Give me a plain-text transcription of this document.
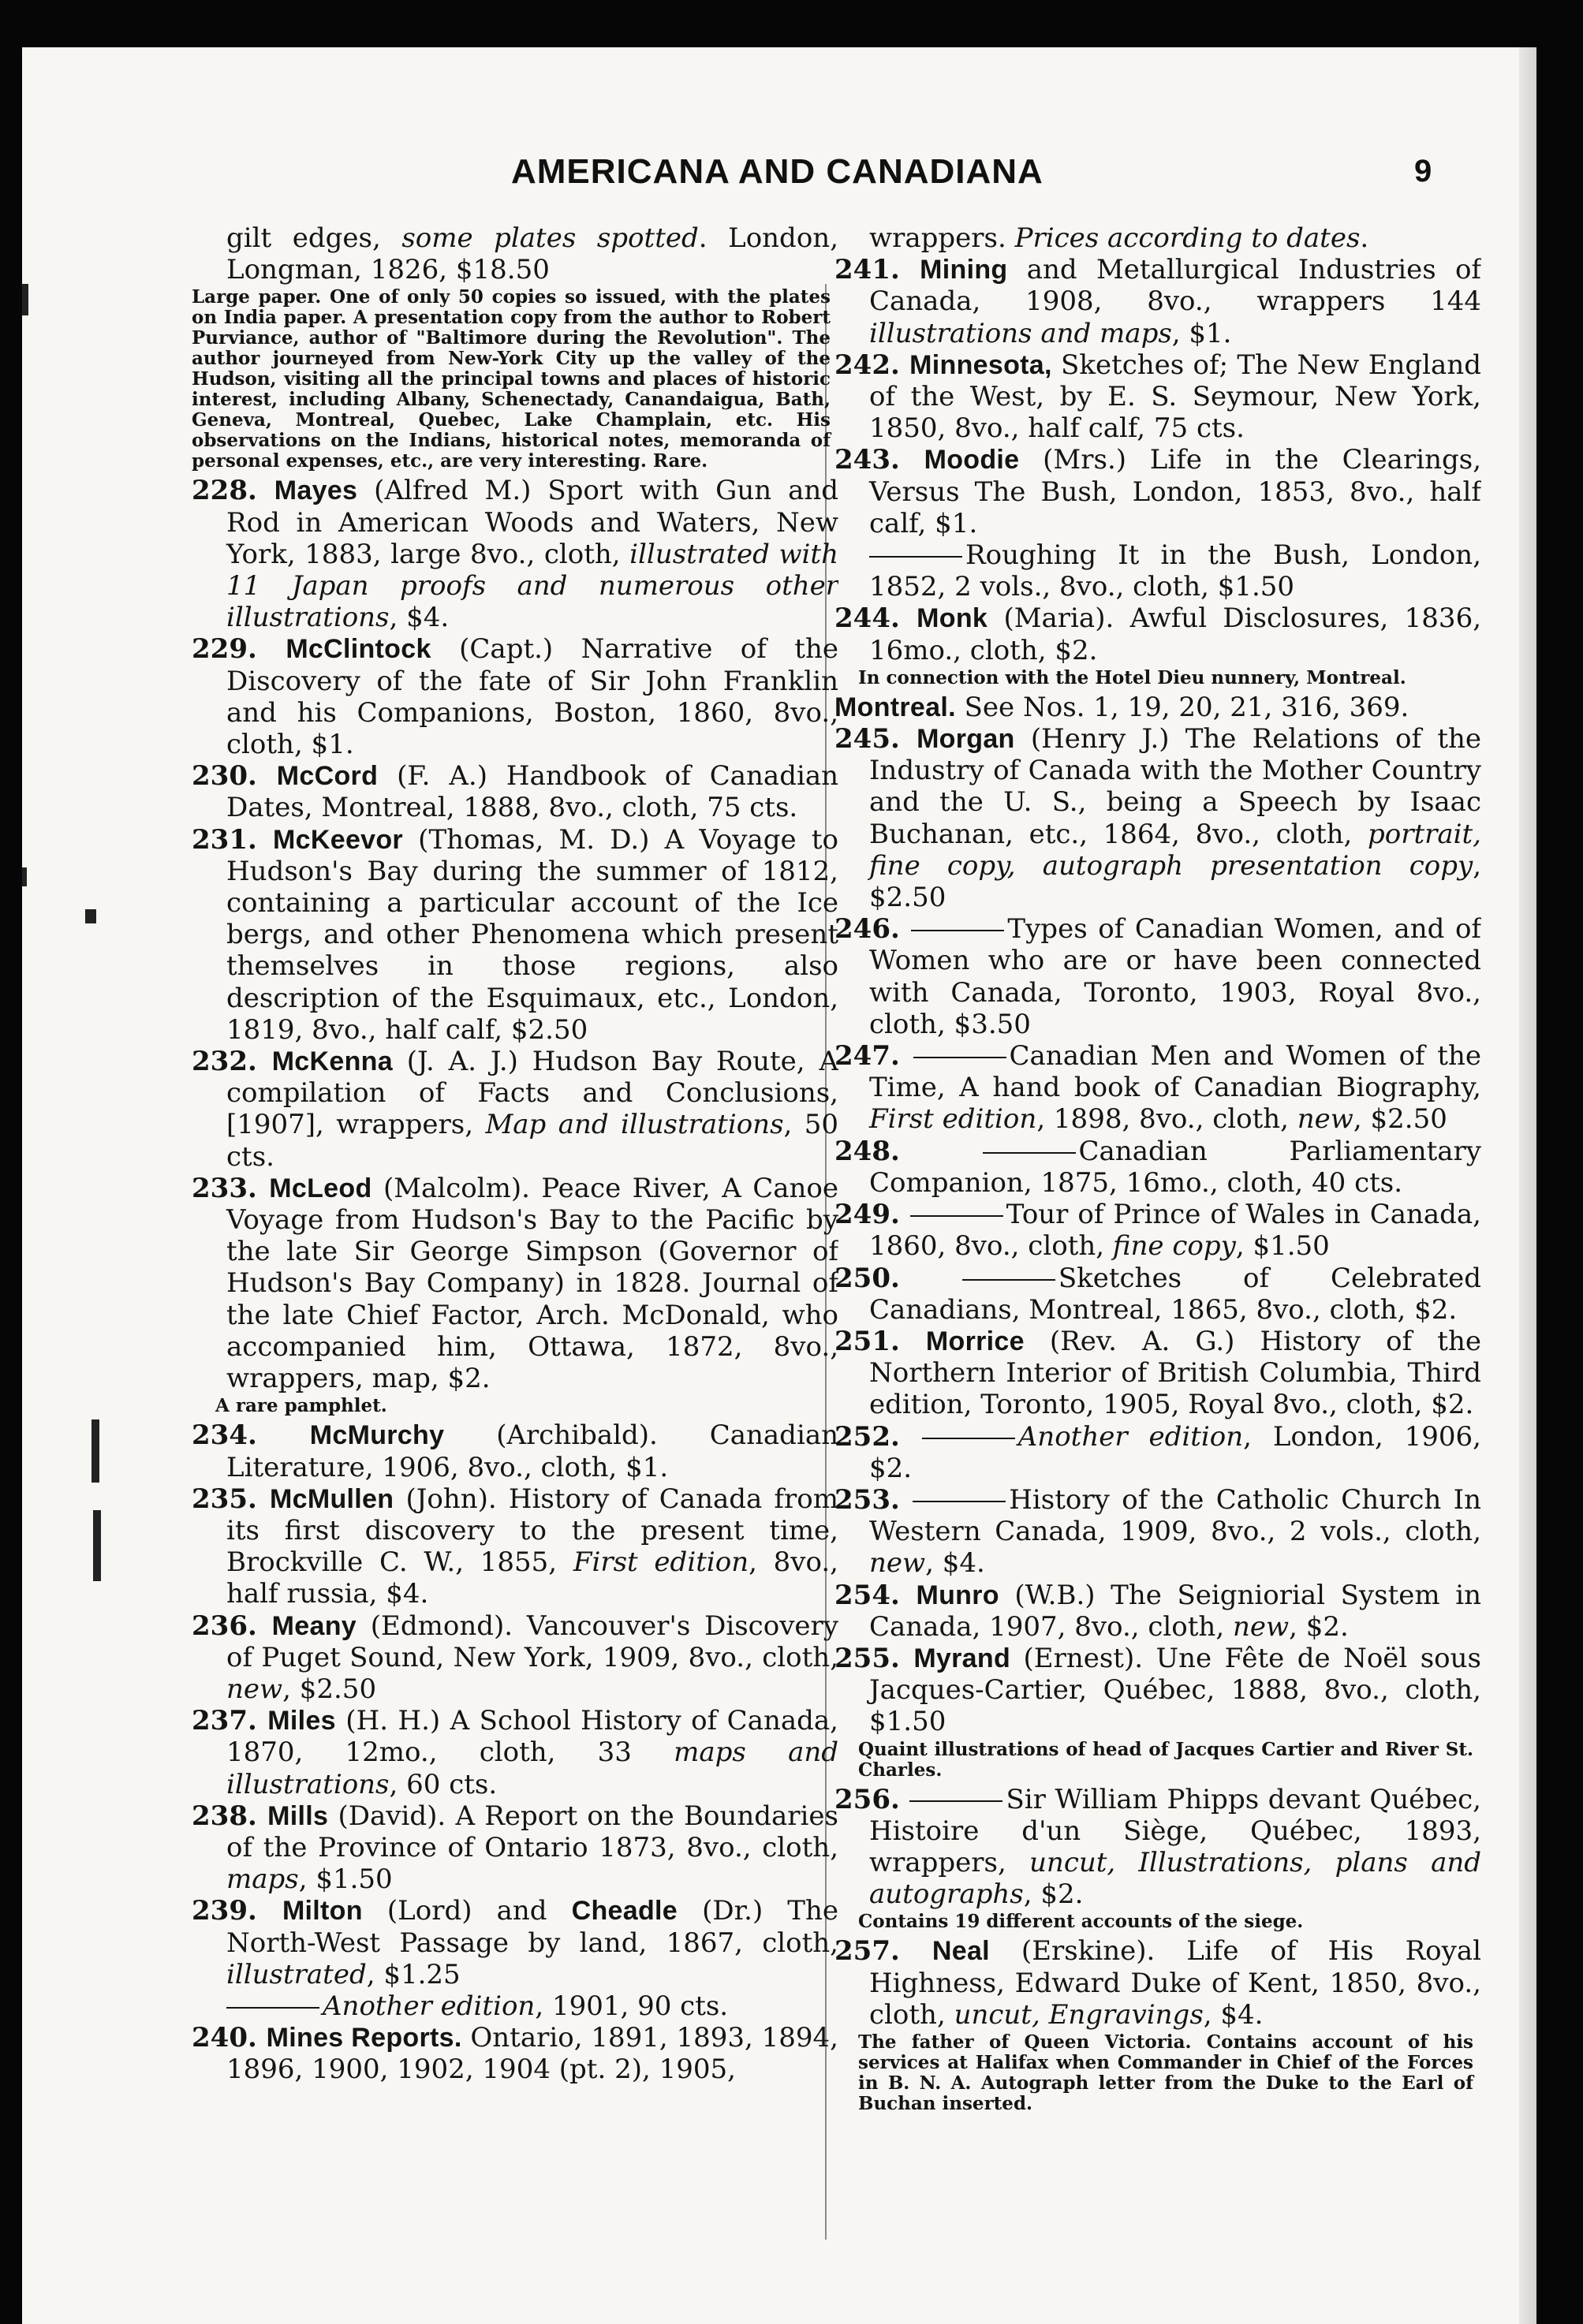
AMERICANA AND CANADIANA	9
gilt edges, some plates spotted. London, Longman, 1826, $18.50
Large paper. One of only 50 copies so issued, with the plates on India paper. A presentation copy from the author to Robert Purviance, author of "Baltimore during the Revolution". The author journeyed from New-York City up the valley of the Hudson, visiting all the principal towns and places of historic interest, including Albany, Schenectady, Canandaigua, Bath, Geneva, Montreal, Quebec, Lake Champlain, etc. His observations on the Indians, historical notes, memoranda of personal expenses, etc., are very interesting. Rare.
228. Mayes (Alfred M.) Sport with Gun and Rod in American Woods and Waters, New York, 1883, large 8vo., cloth, illustrated with 11 Japan proofs and numerous other illustrations, $4.
229. McClintock (Capt.) Narrative of the Discovery of the fate of Sir John Franklin and his Companions, Boston, 1860, 8vo., cloth, $1.
230. McCord (F. A.) Handbook of Canadian Dates, Montreal, 1888, 8vo., cloth, 75 cts.
231. McKeevor (Thomas, M. D.) A Voyage to Hudson's Bay during the summer of 1812, containing a particular account of the Ice bergs, and other Phenomena which present themselves in those regions, also description of the Esquimaux, etc., London, 1819, 8vo., half calf, $2.50
232. McKenna (J. A. J.) Hudson Bay Route, A compilation of Facts and Conclusions, [1907], wrappers, Map and illustrations, 50 cts.
233. McLeod (Malcolm). Peace River, A Canoe Voyage from Hudson's Bay to the Pacific by the late Sir George Simpson (Governor of Hudson's Bay Company) in 1828. Journal of the late Chief Factor, Arch. McDonald, who accompanied him, Ottawa, 1872, 8vo., wrappers, map, $2.
A rare pamphlet.
234. McMurchy (Archibald). Canadian Literature, 1906, 8vo., cloth, $1.
235. McMullen (John). History of Canada from its first discovery to the present time, Brockville C. W., 1855, First edition, 8vo., half russia, $4.
236. Meany (Edmond). Vancouver's Discovery of Puget Sound, New York, 1909, 8vo., cloth, new, $2.50
237. Miles (H. H.) A School History of Canada, 1870, 12mo., cloth, 33 maps and illustrations, 60 cts.
238. Mills (David). A Report on the Boundaries of the Province of Ontario 1873, 8vo., cloth, maps, $1.50
239. Milton (Lord) and Cheadle (Dr.) The North-West Passage by land, 1867, cloth, illustrated, $1.25
Another edition, 1901, 90 cts.
240. Mines Reports. Ontario, 1891, 1893, 1894, 1896, 1900, 1902, 1904 (pt. 2), 1905,
wrappers. Prices according to dates.
241. Mining and Metallurgical Industries of Canada, 1908, 8vo., wrappers 144 illustrations and maps, $1.
242. Minnesota, Sketches of; The New England of the West, by E. S. Seymour, New York, 1850, 8vo., half calf, 75 cts.
243. Moodie (Mrs.) Life in the Clearings, Versus The Bush, London, 1853, 8vo., half calf, $1.
Roughing It in the Bush, London, 1852, 2 vols., 8vo., cloth, $1.50
244. Monk (Maria). Awful Disclosures, 1836, 16mo., cloth, $2.
In connection with the Hotel Dieu nunnery, Montreal.
Montreal. See Nos. 1, 19, 20, 21, 316, 369.
245. Morgan (Henry J.) The Relations of the Industry of Canada with the Mother Country and the U. S., being a Speech by Isaac Buchanan, etc., 1864, 8vo., cloth, portrait, fine copy, autograph presentation copy, $2.50
246.	Types of Canadian Women, and of Women who are or have been connected with Canada, Toronto, 1903, Royal 8vo., cloth, $3.50
247.	Canadian Men and Women of the Time, A hand book of Canadian Biography, First edition, 1898, 8vo., cloth, new, $2.50
248.	Canadian Parliamentary Companion, 1875, 16mo., cloth, 40 cts.
249.	Tour of Prince of Wales in Canada, 1860, 8vo., cloth, fine copy, $1.50
250.	Sketches of Celebrated Canadians, Montreal, 1865, 8vo., cloth, $2.
251. Morrice (Rev. A. G.) History of the Northern Interior of British Columbia, Third edition, Toronto, 1905, Royal 8vo., cloth, $2.
252.	Another edition, London, 1906, $2.
253.	History of the Catholic Church In Western Canada, 1909, 8vo., 2 vols., cloth, new, $4.
254. Munro (W.B.) The Seigniorial System in Canada, 1907, 8vo., cloth, new, $2.
255. Myrand (Ernest). Une Fête de Noël sous Jacques-Cartier, Québec, 1888, 8vo., cloth, $1.50
Quaint illustrations of head of Jacques Cartier and River St. Charles.
256.	Sir William Phipps devant Québec, Histoire d'un Siège, Québec, 1893, wrappers, uncut, Illustrations, plans and autographs, $2.
Contains 19 different accounts of the siege.
257. Neal (Erskine). Life of His Royal Highness, Edward Duke of Kent, 1850, 8vo., cloth, uncut, Engravings, $4.
The father of Queen Victoria. Contains account of his services at Halifax when Commander in Chief of the Forces in B. N. A. Autograph letter from the Duke to the Earl of Buchan inserted.
